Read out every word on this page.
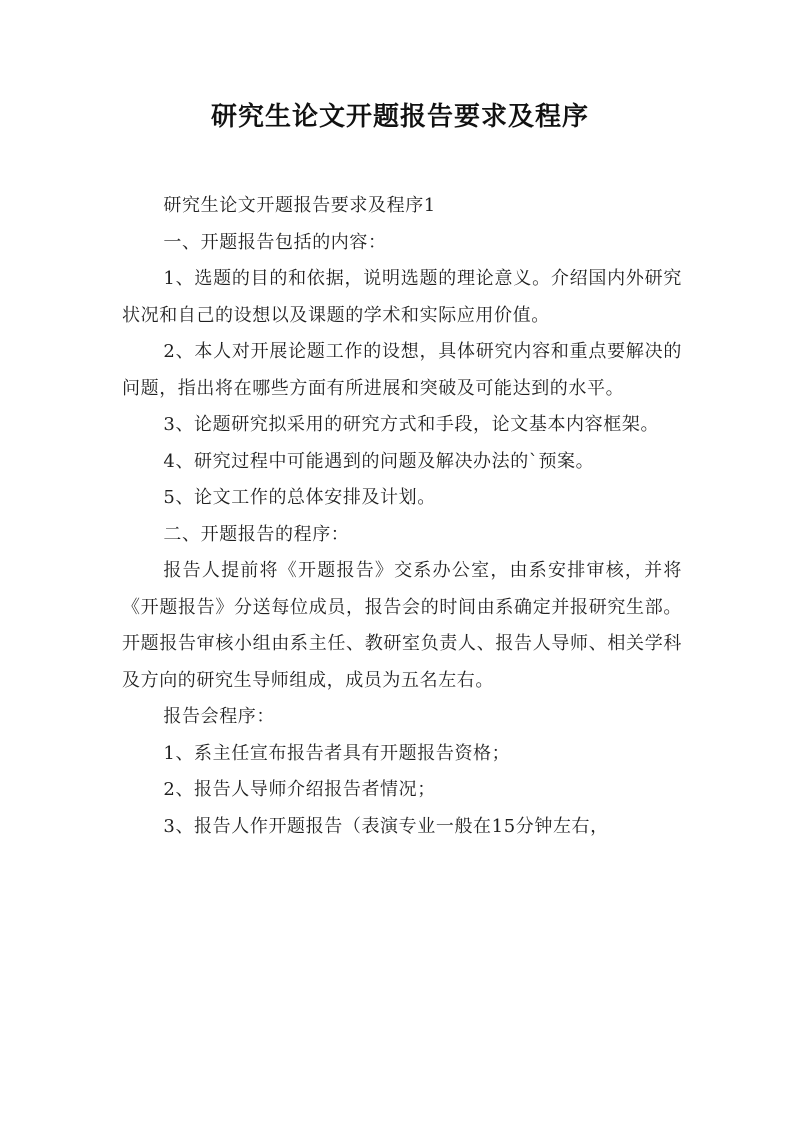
研究生论文开题报告要求及程序

研究生论文开题报告要求及程序1

一、开题报告包括的内容：

1、选题的目的和依据，说明选题的理论意义。介绍国内外研究状况和自己的设想以及课题的学术和实际应用价值。

2、本人对开展论题工作的设想，具体研究内容和重点要解决的问题，指出将在哪些方面有所进展和突破及可能达到的水平。

3、论题研究拟采用的研究方式和手段，论文基本内容框架。

4、研究过程中可能遇到的问题及解决办法的`预案。

5、论文工作的总体安排及计划。

二、开题报告的程序：

报告人提前将《开题报告》交系办公室，由系安排审核，并将《开题报告》分送每位成员，报告会的时间由系确定并报研究生部。开题报告审核小组由系主任、教研室负责人、报告人导师、相关学科及方向的研究生导师组成，成员为五名左右。

报告会程序：

1、系主任宣布报告者具有开题报告资格；

2、报告人导师介绍报告者情况；

3、报告人作开题报告（表演专业一般在15分钟左右，
